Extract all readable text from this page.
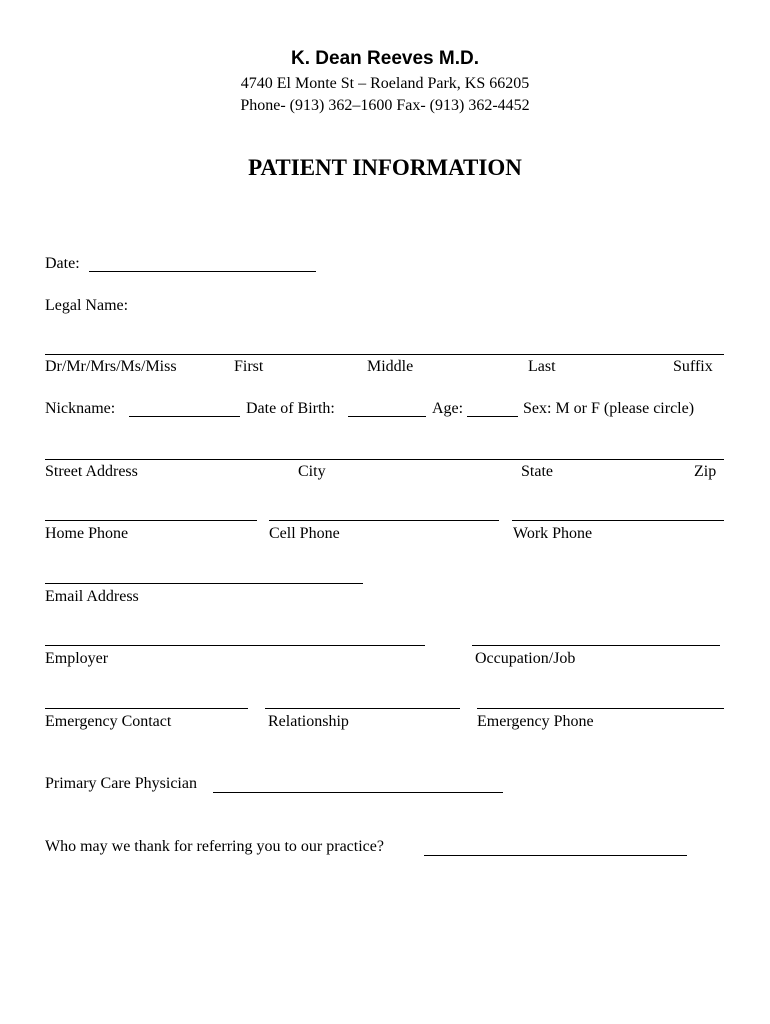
K. Dean Reeves M.D.
4740 El Monte St – Roeland Park, KS 66205
Phone- (913) 362–1600 Fax- (913) 362-4452
PATIENT INFORMATION
Date:
Legal Name:
Dr/Mr/Mrs/Ms/Miss	First	Middle	Last	Suffix
Nickname:	Date of Birth:	Age:	Sex: M or F (please circle)
Street Address	City	State	Zip
Home Phone	Cell Phone	Work Phone
Email Address
Employer	Occupation/Job
Emergency Contact	Relationship	Emergency Phone
Primary Care Physician
Who may we thank for referring you to our practice?
